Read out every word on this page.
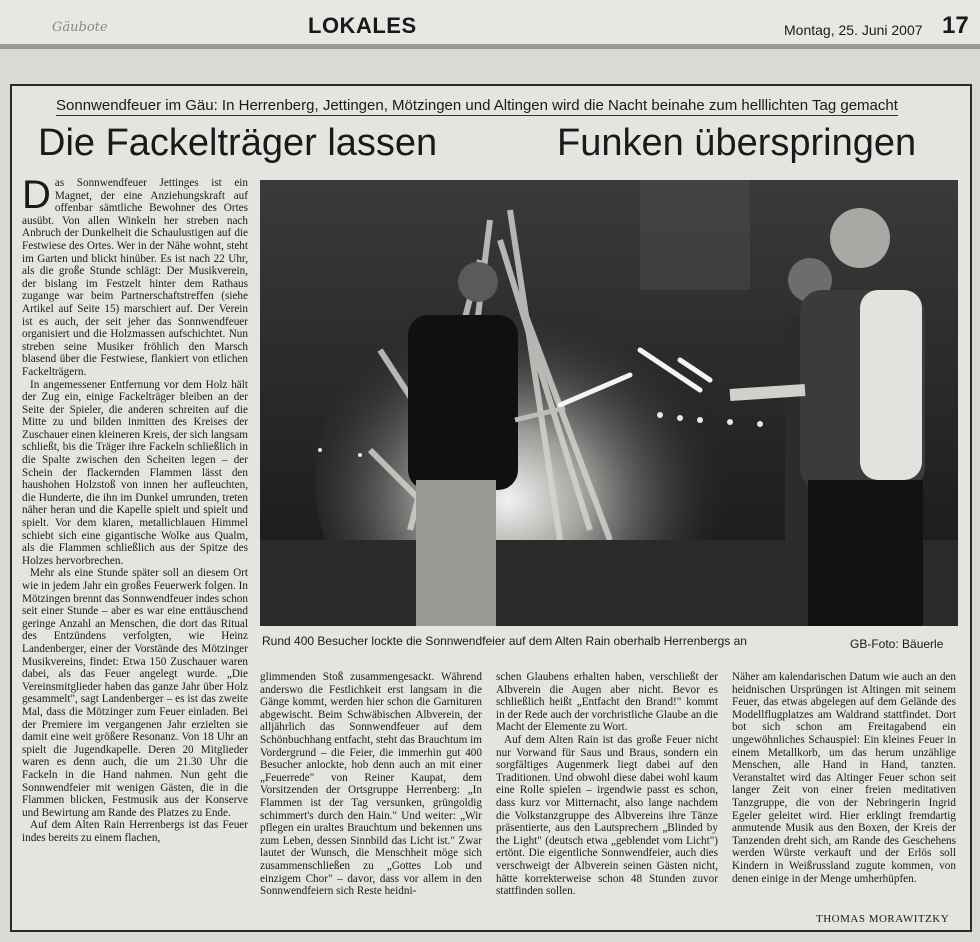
Gäubote	LOKALES	Montag, 25. Juni 2007 17
Sonnwendfeuer im Gäu: In Herrenberg, Jettingen, Mötzingen und Altingen wird die Nacht beinahe zum helllichten Tag gemacht
Die Fackelträger lassen	Funken überspringen
Rund 400 Besucher lockte die Sonnwendfeier auf dem Alten Rain oberhalb Herrenbergs an	GB-Foto: Bäuerle

Das Sonnwendfeuer Jettinges ist ein Magnet, der eine Anziehungskraft auf offenbar sämtliche Bewohner des Ortes ausübt. Von allen Winkeln her streben nach Anbruch der Dunkelheit die Schaulustigen auf die Festwiese des Ortes. Wer in der Nähe wohnt, steht im Garten und blickt hinüber. Es ist nach 22 Uhr, als die große Stunde schlägt: Der Musikverein, der bislang im Festzelt hinter dem Rathaus zugange war beim Partnerschaftstreffen (siehe Artikel auf Seite 15) marschiert auf. Der Verein ist es auch, der seit jeher das Sonnwendfeuer organisiert und die Holzmassen aufschichtet. Nun streben seine Musiker fröhlich den Marsch blasend über die Festwiese, flankiert von etlichen Fackelträgern.

In angemessener Entfernung vor dem Holz hält der Zug ein, einige Fackelträger bleiben an der Seite der Spieler, die anderen schreiten auf die Mitte zu und bilden inmitten des Kreises der Zuschauer einen kleineren Kreis, der sich langsam schließt, bis die Träger ihre Fackeln schließlich in die Spalte zwischen den Scheiten legen – der Schein der flackernden Flammen lässt den haushohen Holzstoß von innen her aufleuchten, die Hunderte, die ihn im Dunkel umrunden, treten näher heran und die Kapelle spielt und spielt und spielt. Vor dem klaren, metallicblauen Himmel schiebt sich eine gigantische Wolke aus Qualm, als die Flammen schließlich aus der Spitze des Holzes hervorbrechen.

Mehr als eine Stunde später soll an diesem Ort wie in jedem Jahr ein großes Feuerwerk folgen. In Mötzingen brennt das Sonnwendfeuer indes schon seit einer Stunde – aber es war eine enttäuschend geringe Anzahl an Menschen, die dort das Ritual des Entzündens verfolgten, wie Heinz Landenberger, einer der Vorstände des Mötzinger Musikvereins, findet: Etwa 150 Zuschauer waren dabei, als das Feuer angelegt wurde. „Die Vereinsmitglieder haben das ganze Jahr über Holz gesammelt", sagt Landenberger – es ist das zweite Mal, dass die Mötzinger zum Feuer einladen. Bei der Premiere im vergangenen Jahr erzielten sie damit eine weit größere Resonanz. Von 18 Uhr an spielt die Jugendkapelle. Deren 20 Mitglieder waren es denn auch, die um 21.30 Uhr die Fackeln in die Hand nahmen. Nun geht die Sonnwendfeier mit wenigen Gästen, die in die Flammen blicken, Festmusik aus der Konserve und Bewirtung am Rande des Platzes zu Ende.

Auf dem Alten Rain Herrenbergs ist das Feuer indes bereits zu einem flachen,

glimmenden Stoß zusammengesackt. Während anderswo die Festlichkeit erst langsam in die Gänge kommt, werden hier schon die Garnituren abgewischt. Beim Schwäbischen Albverein, der alljährlich das Sonnwendfeuer auf dem Schönbuchhang entfacht, steht das Brauchtum im Vordergrund – die Feier, die immerhin gut 400 Besucher anlockte, hob denn auch an mit einer „Feuerrede" von Reiner Kaupat, dem Vorsitzenden der Ortsgruppe Herrenberg: „In Flammen ist der Tag versunken, grüngoldig schimmert's durch den Hain." Und weiter: „Wir pflegen ein uraltes Brauchtum und bekennen uns zum Leben, dessen Sinnbild das Licht ist." Zwar lautet der Wunsch, die Menschheit möge sich zusammenschließen zu „Gottes Lob und einzigem Chor" – davor, dass vor allem in den Sonnwendfeiern sich Reste heidni-

schen Glaubens erhalten haben, verschließt der Albverein die Augen aber nicht. Bevor es schließlich heißt „Entfacht den Brand!" kommt in der Rede auch der vorchristliche Glaube an die Macht der Elemente zu Wort.

Auf dem Alten Rain ist das große Feuer nicht nur Vorwand für Saus und Braus, sondern ein sorgfältiges Augenmerk liegt dabei auf den Traditionen. Und obwohl diese dabei wohl kaum eine Rolle spielen – irgendwie passt es schon, dass kurz vor Mitternacht, also lange nachdem die Volkstanzgruppe des Albvereins ihre Tänze präsentierte, aus den Lautsprechern „Blinded by the Light" (deutsch etwa „geblendet vom Licht") ertönt. Die eigentliche Sonnwendfeier, auch dies verschweigt der Albverein seinen Gästen nicht, hätte korrekterweise schon 48 Stunden zuvor stattfinden sollen.

Näher am kalendarischen Datum wie auch an den heidnischen Ursprüngen ist Altingen mit seinem Feuer, das etwas abgelegen auf dem Gelände des Modellflugplatzes am Waldrand stattfindet. Dort bot sich schon am Freitagabend ein ungewöhnliches Schauspiel: Ein kleines Feuer in einem Metallkorb, um das herum unzählige Menschen, alle Hand in Hand, tanzten. Veranstaltet wird das Altinger Feuer schon seit langer Zeit von einer freien meditativen Tanzgruppe, die von der Nebringerin Ingrid Egeler geleitet wird. Hier erklingt fremdartig anmutende Musik aus den Boxen, der Kreis der Tanzenden dreht sich, am Rande des Geschehens werden Würste verkauft und der Erlös soll Kindern in Weißrussland zugute kommen, von denen einige in der Menge umherhüpfen.

THOMAS MORAWITZKY
